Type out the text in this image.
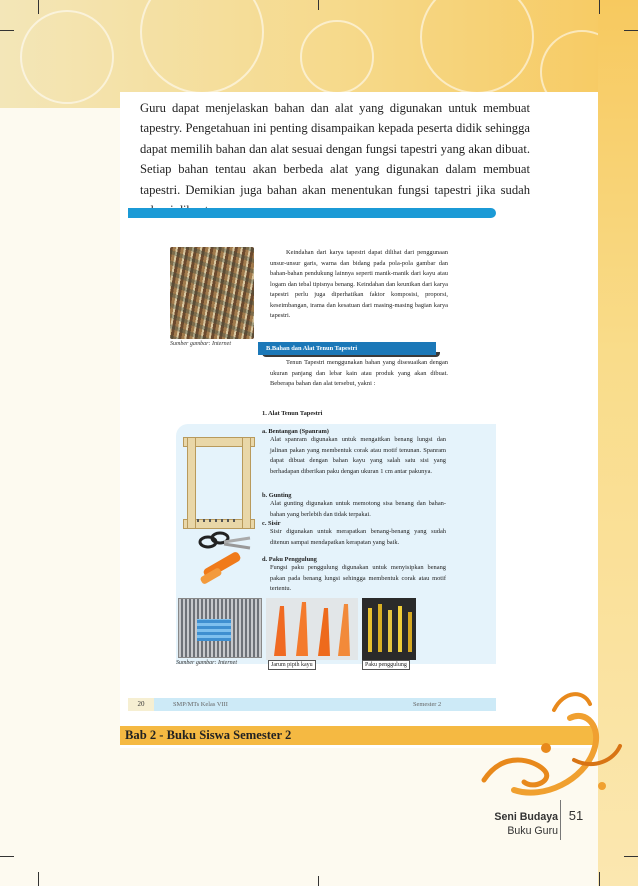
Guru dapat menjelaskan bahan dan alat yang digunakan untuk membuat tapestry. Pengetahuan ini penting disampaikan kepada peserta didik sehingga dapat memilih bahan dan alat sesuai dengan fungsi tapestri yang akan dibuat. Setiap bahan tentau akan berbeda alat yang digunakan dalam membuat tapestri. Demikian juga bahan akan menentukan fungsi tapestri jika sudah

Sumber gambar: Internet

Keindahan dari karya tapestri dapat dilihat dari penggunaan unsur-unsur garis, warna dan bidang pada pola-pola gambar dan bahan-bahan pendukung lainnya seperti manik-manik dari kayu atau logam dan tebal tipisnya benang. Keindahan dan keunikan dari karya tapestri perlu juga diperhatikan faktor komposisi, proporsi, keseimbangan, irama dan kesatuan dari masing-masing bagian karya tapestri.

B.Bahan dan Alat Tenun Tapestri

Tenun Tapestri menggunakan bahan yang disesuaikan dengan ukuran panjang dan lebar kain atau produk yang akan dibuat. Beberapa bahan dan alat tersebut, yakni :

1. Alat Tenun Tapestri
Sumber gambar: Internet	Jarum pipih kayu	Paku penggulung
a. Bentangan (Spanram)

Alat spanram digunakan untuk mengaitkan benang lungsi dan jalinan pakan yang membentuk corak atau motif tenunan. Spanram dapat dibuat dengan bahan kayu yang salah satu sisi yang berhadapan diberikan paku dengan ukuran 1 cm antar pakunya.

b. Gunting

Alat gunting digunakan untuk memotong sisa benang dan bahan-bahan yang berlebih dan tidak terpakai.

c. Sisir

Sisir digunakan untuk merapatkan benang-benang yang sudah ditenun sampai mendapatkan kerapatan yang baik.

d. Paku Penggulung

Fungsi paku penggulung digunakan untuk menyisipkan benang pakan pada benang lungsi sehingga membentuk corak atau motif tertentu.

20	SMP/MTs Kelas VIII	Semester 2
Bab 2 - Buku Siswa Semester 2
Seni Budaya
Buku Guru
51
